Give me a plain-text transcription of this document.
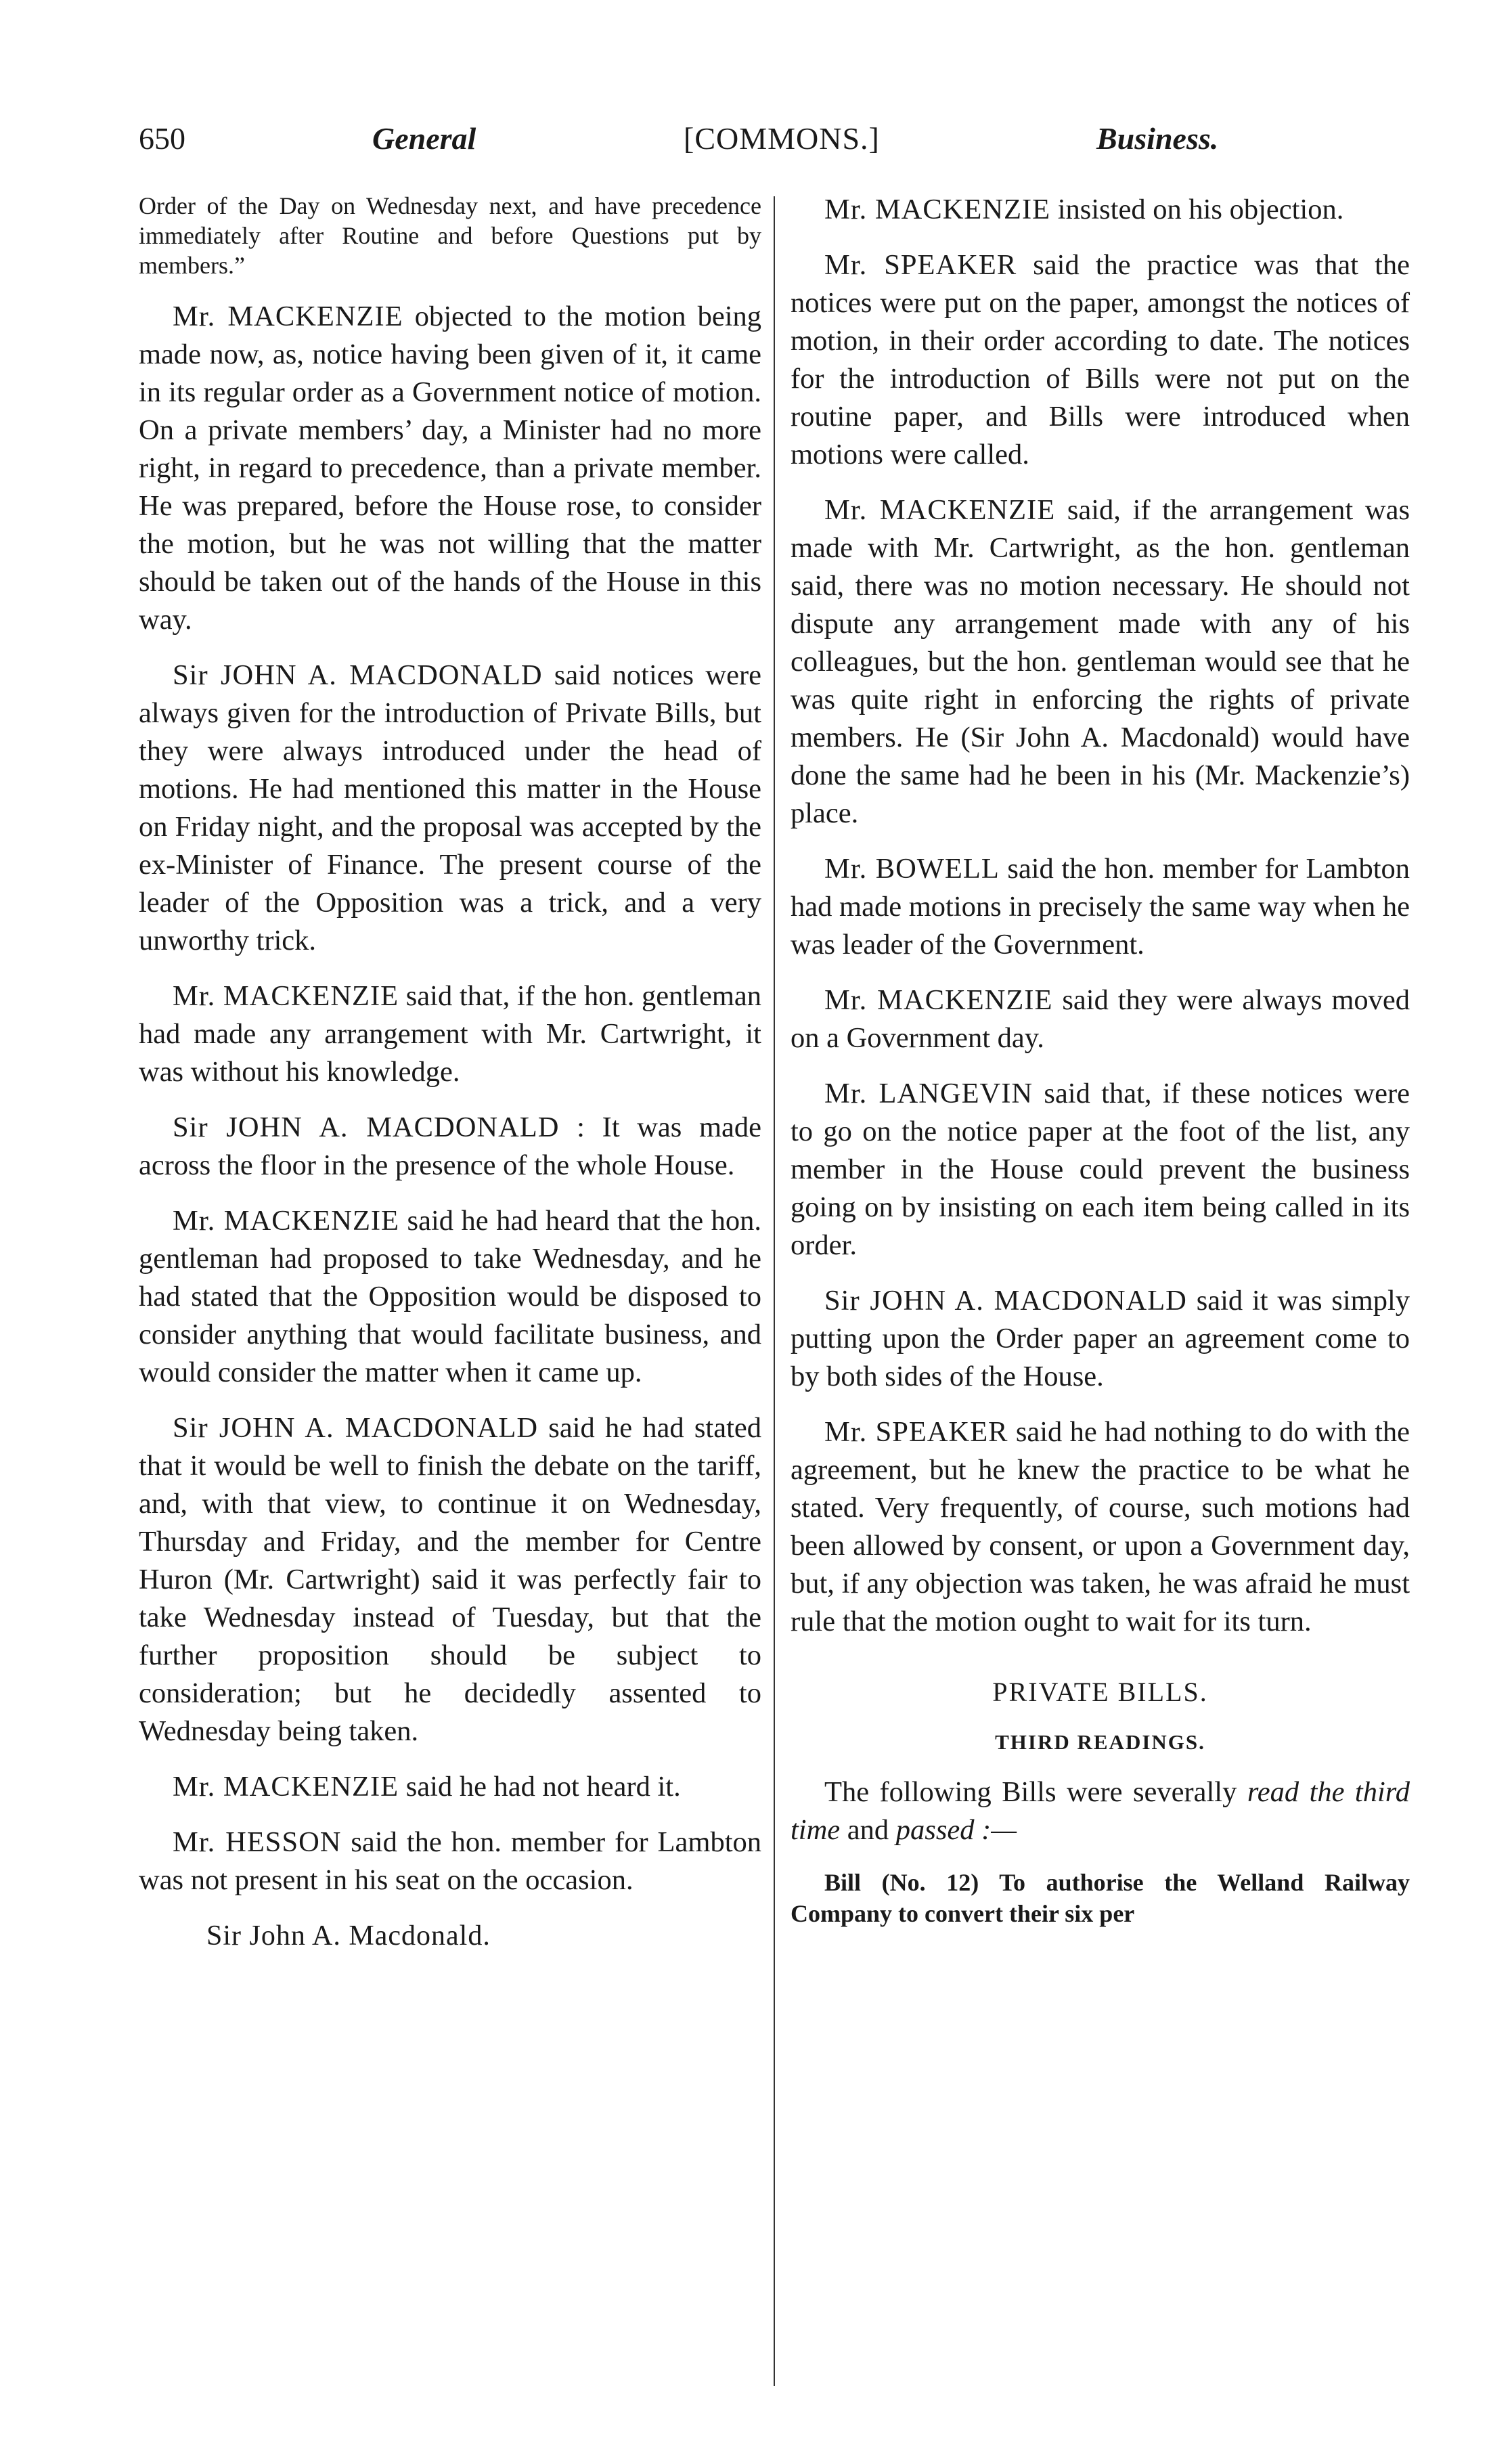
650	General	[COMMONS.]	Business.

Order of the Day on Wednesday next, and have precedence immediately after Routine and before Questions put by members.”

Mr. MACKENZIE objected to the motion being made now, as, notice having been given of it, it came in its regular order as a Government notice of motion. On a private members’ day, a Minister had no more right, in regard to precedence, than a private member. He was prepared, before the House rose, to consider the motion, but he was not willing that the matter should be taken out of the hands of the House in this way.

Sir JOHN A. MACDONALD said notices were always given for the introduction of Private Bills, but they were always introduced under the head of motions. He had mentioned this matter in the House on Friday night, and the proposal was accepted by the ex-Minister of Finance. The present course of the leader of the Opposition was a trick, and a very unworthy trick.

Mr. MACKENZIE said that, if the hon. gentleman had made any arrangement with Mr. Cartwright, it was without his knowledge.

Sir JOHN A. MACDONALD : It was made across the floor in the presence of the whole House.

Mr. MACKENZIE said he had heard that the hon. gentleman had proposed to take Wednesday, and he had stated that the Opposition would be disposed to consider anything that would facilitate business, and would consider the matter when it came up.

Sir JOHN A. MACDONALD said he had stated that it would be well to finish the debate on the tariff, and, with that view, to continue it on Wednesday, Thursday and Friday, and the member for Centre Huron (Mr. Cartwright) said it was perfectly fair to take Wednesday instead of Tuesday, but that the further proposition should be subject to consideration; but he decidedly assented to Wednesday being taken.

Mr. MACKENZIE said he had not heard it.

Mr. HESSON said the hon. member for Lambton was not present in his seat on the occasion.

Sir John A. Macdonald.

Mr. MACKENZIE insisted on his objection.

Mr. SPEAKER said the practice was that the notices were put on the paper, amongst the notices of motion, in their order according to date. The notices for the introduction of Bills were not put on the routine paper, and Bills were introduced when motions were called.

Mr. MACKENZIE said, if the arrangement was made with Mr. Cartwright, as the hon. gentleman said, there was no motion necessary. He should not dispute any arrangement made with any of his colleagues, but the hon. gentleman would see that he was quite right in enforcing the rights of private members. He (Sir John A. Macdonald) would have done the same had he been in his (Mr. Mackenzie’s) place.

Mr. BOWELL said the hon. member for Lambton had made motions in precisely the same way when he was leader of the Government.

Mr. MACKENZIE said they were always moved on a Government day.

Mr. LANGEVIN said that, if these notices were to go on the notice paper at the foot of the list, any member in the House could prevent the business going on by insisting on each item being called in its order.

Sir JOHN A. MACDONALD said it was simply putting upon the Order paper an agreement come to by both sides of the House.

Mr. SPEAKER said he had nothing to do with the agreement, but he knew the practice to be what he stated. Very frequently, of course, such motions had been allowed by consent, or upon a Government day, but, if any objection was taken, he was afraid he must rule that the motion ought to wait for its turn.

PRIVATE BILLS.

THIRD READINGS.

The following Bills were severally read the third time and passed :—

Bill (No. 12) To authorise the Welland Railway Company to convert their six per
